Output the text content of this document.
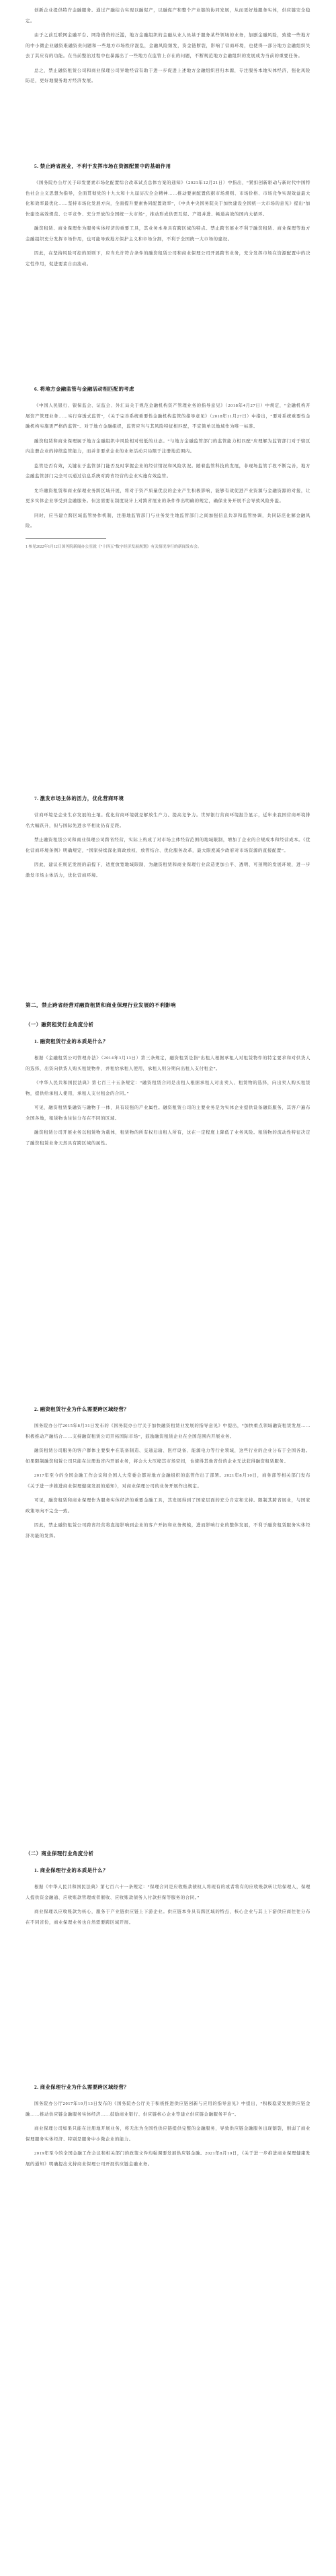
创新企业提供特许金融服务。通过产融结合实现以融促产，以融促产和整个产业链的协同发展，从而更好地服务实体，供应链安全稳定。

由于之前互联网金融平台、网络借贷的泛滥，地方金融组织的金融从业人员基于服务某些领域的业务，加剧金融风险，致使一些地方的中小微企业融资难融资贵问题和一些地方市场秩序混乱，金融风险频发，资金链断裂，影响了营商环境，也使得一部分地方金融组织失去了其应有的功能。在当前整治过程中也暴露出了一些地方在监管上存在的问题，不断规范地方金融组织的发展成为当前的重要任务。

总之，禁止融资租赁公司和商业保理公司异地经营有助于进一步促进上述地方金融组织回归本源，专注服务本地实体经济，强化风险防范，更好地服务地方经济发展。

5. 禁止跨省展业，不利于发挥市场在资源配置中的基础作用

《国务院办公厅关于印发要素市场化配置综合改革试点总体方案的通知》（2021年12月21日）中指出，“紧扣创新驱动与新时代中国特色社会主义思想为指导，全面贯彻党的十九大和十九届历次全会精神……推动要素配置依据市场规则、市场价格、市场竞争实现效益最大化和效率最优化……坚持市场化发展方向，全面提升要素协同配置效率”，《中共中央国务院关于加快建设全国统一大市场的意见》提出“加快建设高效规范、公平竞争、充分开放的全国统一大市场”，推动形成供需互促、产销并进、畅通高效的国内大循环。

融资租赁、商业保理作为服务实体经济的重要工具，其业务本身具有跨区域的特点。禁止跨省展业不利于融资租赁、商业保理等地方金融组织充分发挥市场作用，也可能导致地方保护主义和市场分割，不利于全国统一大市场的建设。

因此，在坚持风险可控的原则下，应当允许符合条件的融资租赁公司和商业保理公司开展跨省业务，充分发挥市场在资源配置中的决定性作用，促进要素自由流动。

6. 将地方金融监管与金融活动相匹配的考虑

《中国人民银行、银保监会、证监会、外汇局关于规范金融机构资产管理业务的指导意见》（2018年4月27日）中规定，“金融机构开展资产管理业务……实行穿透式监管”，《关于完善系统重要性金融机构监管的指导意见》（2018年11月27日）中指出，“要对系统重要性金融机构实施更严格的监管”。对于地方金融组织，监管应当与其风险特征相匹配，不宜简单以地域作为唯一标准。

融资租赁和商业保理属于地方金融组织中风险相对较低的业态。“与地方金融监管部门的监管能力相匹配”应理解为监管部门对于辖区内注册企业的持续监管能力，而并非要求企业的业务活动只局限于注册地范围内。

监管是否有效，关键在于监管部门能否及时掌握企业的经营情况和风险状况。随着监管科技的发展，非现场监管手段不断完善，地方金融监管部门完全可以通过信息系统对跨省经营的企业实施有效监管。

允许融资租赁和商业保理业务跨区域开展，将对于资产质量优良的企业产生积极影响，能够有效促进产业资源与金融资源的对接，让更多实体企业享受到金融服务。但这需要在制度设计上对跨省展业的条件作出明确的规定，确保业务开展不会导致风险外溢。

同时，应当建立跨区域监管协作机制，注册地监管部门与业务发生地监管部门之间加强信息共享和监管协调，共同防范化解金融风险。

1 参见2022年1月12日国务院新闻办公室就《“十四五”数字经济发展规划》有关情况举行的新闻发布会。

7. 激发市场主体的活力，优化营商环境

营商环境是企业生存发展的土壤。优化营商环境就是解放生产力、提高竞争力。世界银行营商环境报告显示，近年来我国营商环境排名大幅跃升，但与国际先进水平相比仍有差距。

禁止融资租赁公司和商业保理公司跨省经营，实际上构成了对市场主体经营范围的地域限制，增加了企业的合规成本和经营成本。《优化营商环境条例》明确规定，“国家持续深化简政放权、放管结合、优化服务改革，最大限度减少政府对市场资源的直接配置”。

因此，建议在规范发展的前提下，适度放宽地域限制，为融资租赁和商业保理行业营造更加公平、透明、可预期的发展环境，进一步激发市场主体活力，优化营商环境。

第二，禁止跨省经营对融资租赁和商业保理行业发展的不利影响

（一）融资租赁行业角度分析

1. 融资租赁行业的本质是什么？

根据《金融租赁公司管理办法》（2014年3月13日）第三条规定，融资租赁是指“出租人根据承租人对租赁物件的特定要求和对供货人的选择，出资向供货人购买租赁物件，并租给承租人使用，承租人则分期向出租人支付租金”。

《中华人民共和国民法典》第七百三十五条规定：“融资租赁合同是出租人根据承租人对出卖人、租赁物的选择，向出卖人购买租赁物，提供给承租人使用，承租人支付租金的合同。”

可见，融资租赁集融资与融物于一体，具有较强的产业属性。融资租赁公司的主要业务是为实体企业提供设备融资服务，其客户遍布全国各地，租赁物也往往分布在不同的区域。

融资租赁公司开展业务以租赁物为载体，租赁物的所有权归出租人所有，这在一定程度上降低了业务风险。租赁物的流动性特征决定了融资租赁业务天然具有跨区域的属性。

2. 融资租赁行业为什么需要跨区域经营？

国务院办公厅2015年8月31日发布的《国务院办公厅关于加快融资租赁业发展的指导意见》中提出，“加快重点领域融资租赁发展……积极推动产融结合……支持融资租赁公司开拓国际市场”，鼓励融资租赁企业在全国范围内开展业务。

融资租赁公司服务的客户群体主要集中在装备制造、交通运输、医疗设备、能源电力等行业领域，这些行业的企业分布于全国各地。如果限制融资租赁公司只能在注册地省内开展业务，将会大大压缩其市场空间，也使得其他省份的企业无法获得融资租赁服务。

2017年至今的全国金融工作会议和全国人大常委会都对地方金融组织的监管作出了部署。2021年8月10日，商务部等相关部门发布《关于进一步推进商业保理健康发展的通知》，对商业保理公司的业务开展作出规定。

可见，融资租赁和商业保理作为服务实体经济的重要金融工具，其发展得到了国家层面的充分肯定和支持。限制其跨省展业，与国家政策导向不完全一致。

因此，禁止融资租赁公司跨省经营将直接影响到企业的客户开拓和业务规模，进而影响行业的整体发展，不利于融资租赁服务实体经济功能的发挥。

（二）商业保理行业角度分析

1. 商业保理行业的本质是什么？

根据《中华人民共和国民法典》第七百六十一条规定：“保理合同是应收账款债权人将现有的或者将有的应收账款转让给保理人，保理人提供资金融通、应收账款管理或者催收、应收账款债务人付款担保等服务的合同。”

商业保理以应收账款为核心，服务于产业链供应链上下游企业。供应链本身具有跨区域的特点，核心企业与其上下游供应商往往分布在不同省份，商业保理业务也自然需要跨区域开展。

2. 商业保理行业为什么需要跨区域经营？

国务院办公厅2017年10月13日发布的《国务院办公厅关于积极推进供应链创新与应用的指导意见》中提出，“积极稳妥发展供应链金融……推动供应链金融服务实体经济……鼓励商业银行、供应链核心企业等建立供应链金融服务平台”。

商业保理公司如果只能在注册地开展业务，将无法为全国性供应链提供完整的金融服务，导致供应链金融服务出现割裂，削弱了商业保理服务实体经济、特别是服务中小微企业的能力。

2019年至今的全国金融工作会议和相关部门的政策文件均强调要发展供应链金融。2021年8月10日，《关于进一步推进商业保理健康发展的通知》明确提出支持商业保理公司开展供应链金融业务。
